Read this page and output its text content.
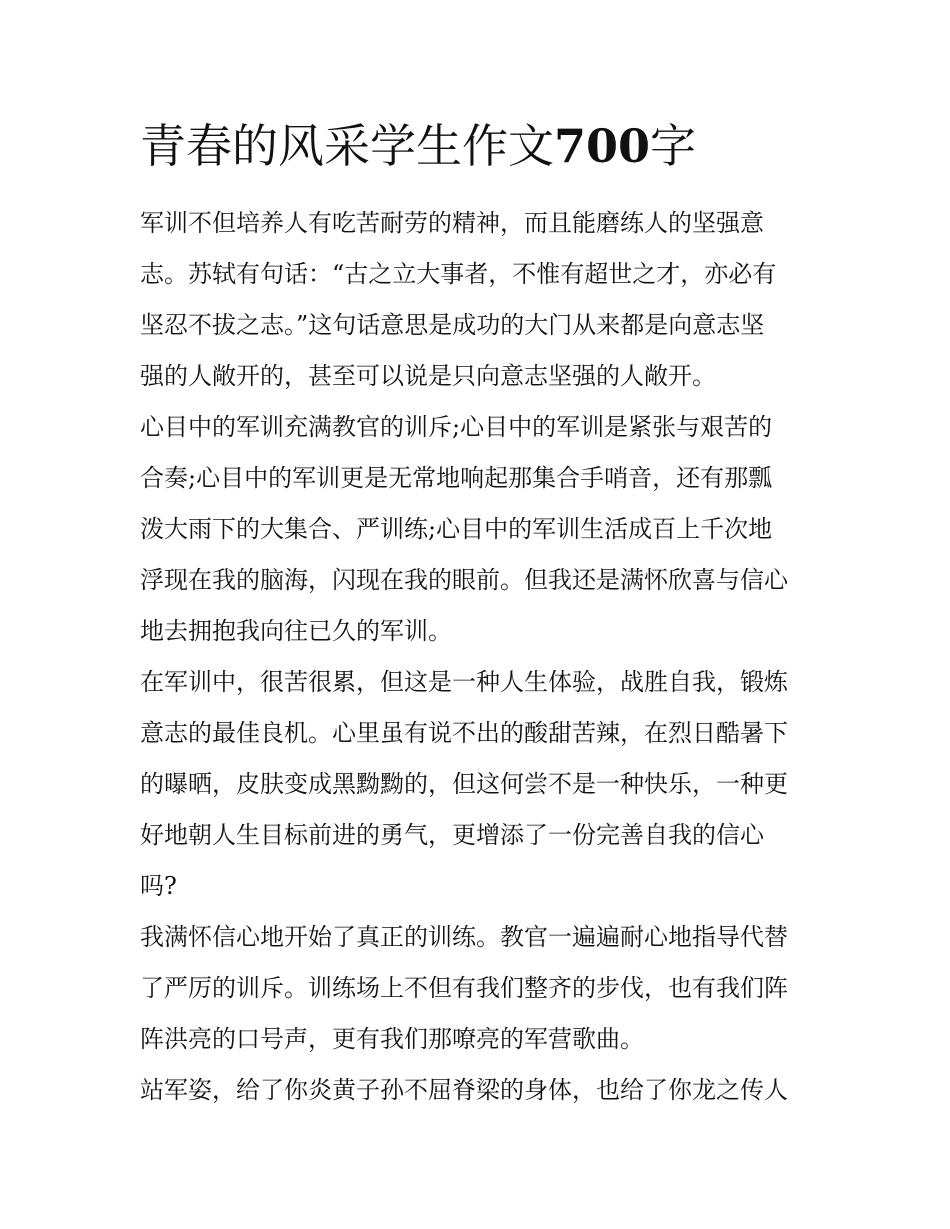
青春的风采学生作文700字
军训不但培养人有吃苦耐劳的精神，而且能磨练人的坚强意
志。苏轼有句话：“古之立大事者，不惟有超世之才，亦必有
坚忍不拔之志。”这句话意思是成功的大门从来都是向意志坚
强的人敞开的，甚至可以说是只向意志坚强的人敞开。
心目中的军训充满教官的训斥;心目中的军训是紧张与艰苦的
合奏;心目中的军训更是无常地响起那集合手哨音，还有那瓢
泼大雨下的大集合、严训练;心目中的军训生活成百上千次地
浮现在我的脑海，闪现在我的眼前。但我还是满怀欣喜与信心
地去拥抱我向往已久的军训。
在军训中，很苦很累，但这是一种人生体验，战胜自我，锻炼
意志的最佳良机。心里虽有说不出的酸甜苦辣，在烈日酷暑下
的曝晒，皮肤变成黑黝黝的，但这何尝不是一种快乐，一种更
好地朝人生目标前进的勇气，更增添了一份完善自我的信心
吗?
我满怀信心地开始了真正的训练。教官一遍遍耐心地指导代替
了严厉的训斥。训练场上不但有我们整齐的步伐，也有我们阵
阵洪亮的口号声，更有我们那嘹亮的军营歌曲。
站军姿，给了你炎黄子孙不屈脊梁的身体，也给了你龙之传人
